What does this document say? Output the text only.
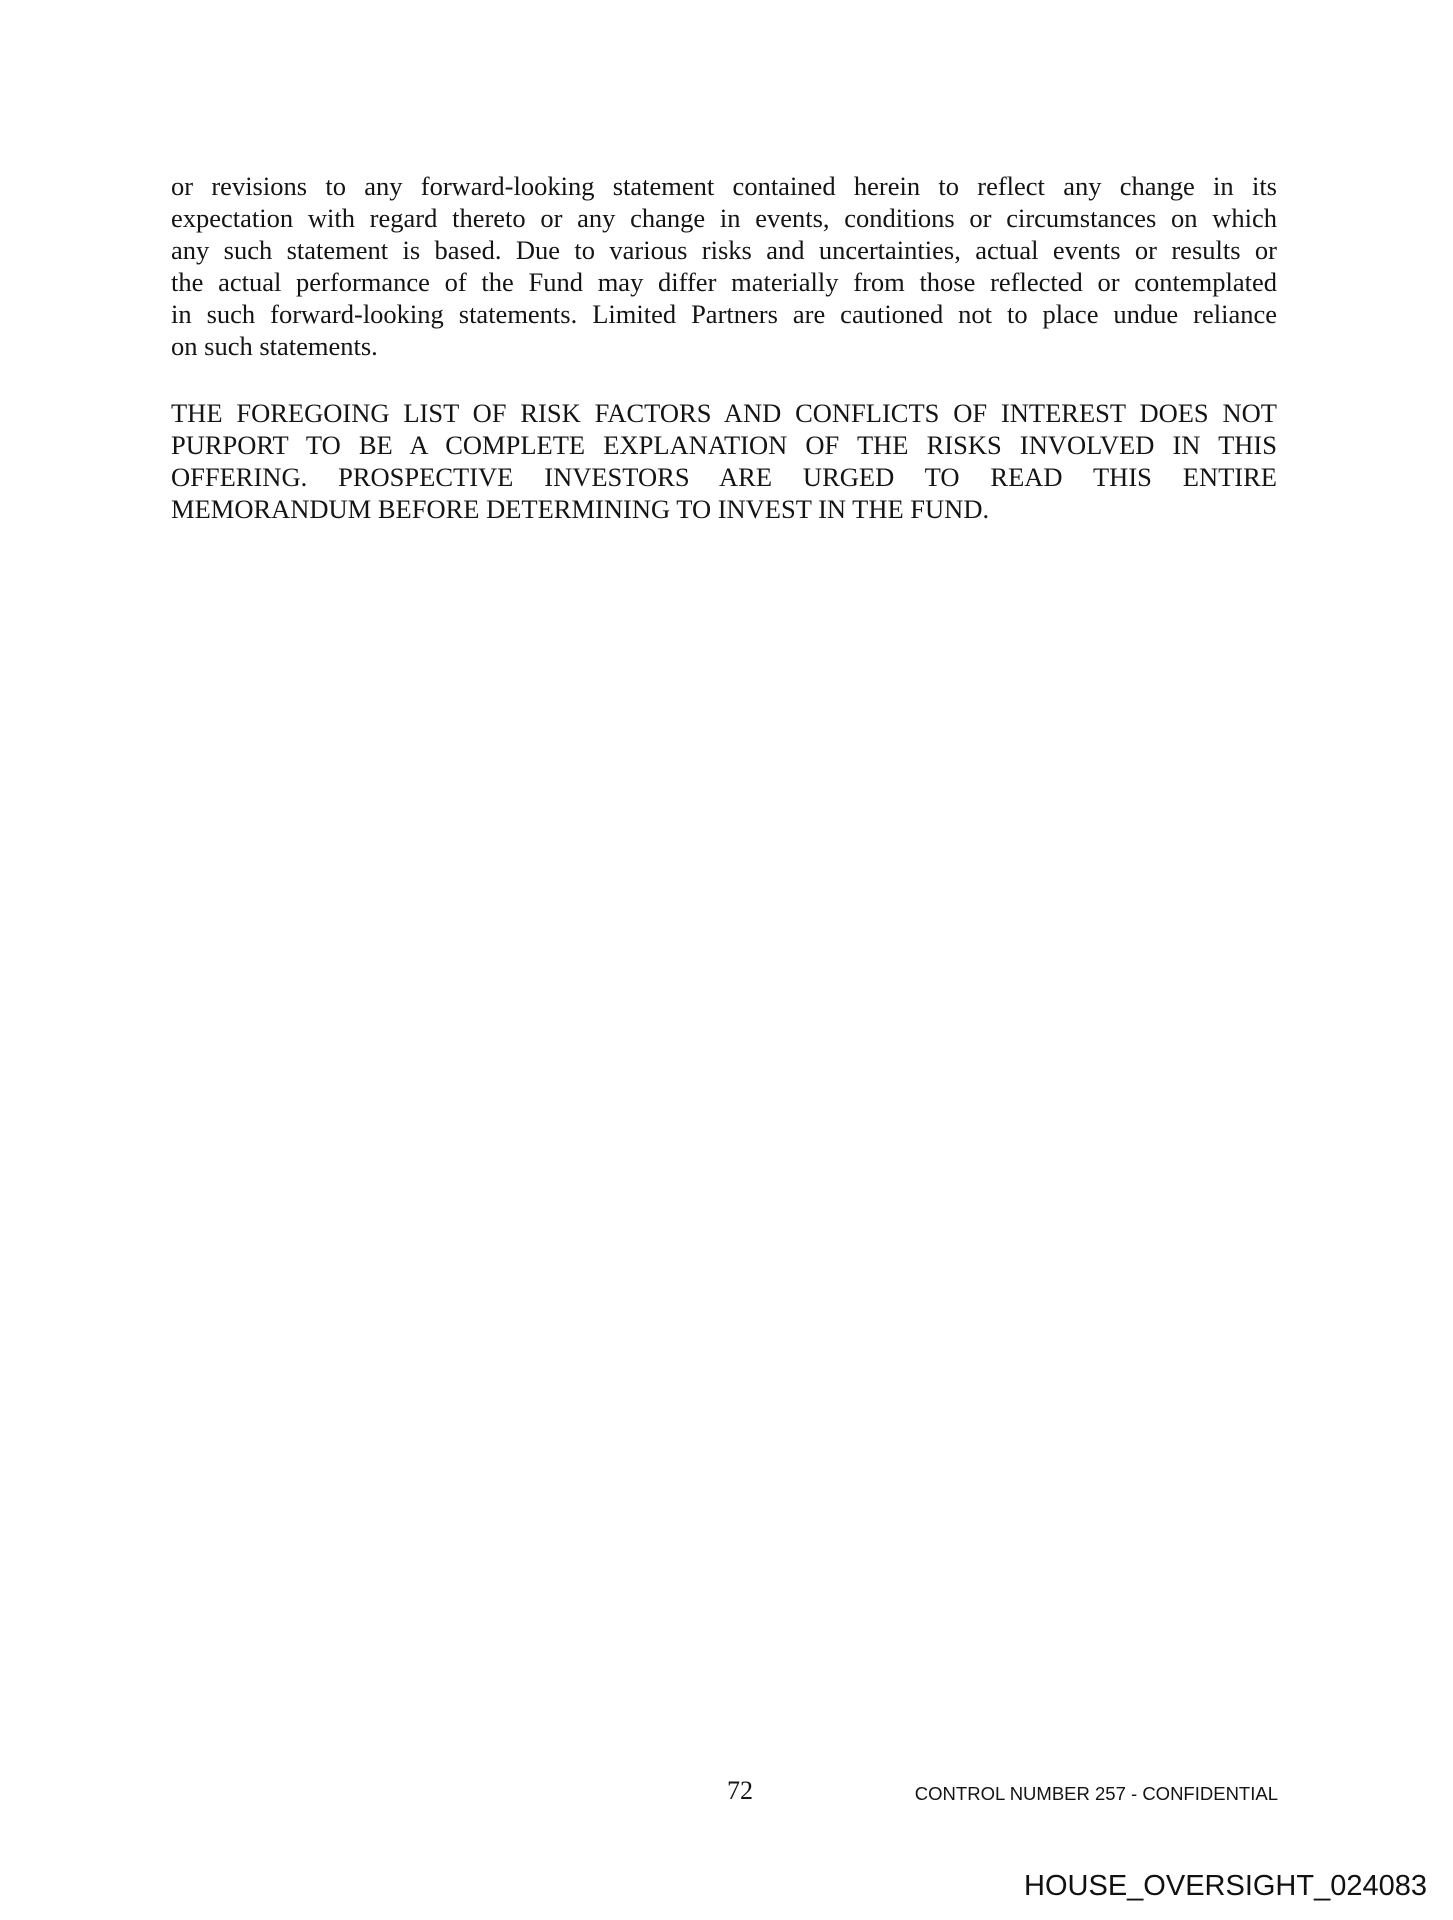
or revisions to any forward-looking statement contained herein to reflect any change in its
expectation with regard thereto or any change in events, conditions or circumstances on which
any such statement is based. Due to various risks and uncertainties, actual events or results or
the actual performance of the Fund may differ materially from those reflected or contemplated
in such forward-looking statements. Limited Partners are cautioned not to place undue reliance
on such statements.
THE FOREGOING LIST OF RISK FACTORS AND CONFLICTS OF INTEREST DOES NOT
PURPORT TO BE A COMPLETE EXPLANATION OF THE RISKS INVOLVED IN THIS
OFFERING. PROSPECTIVE INVESTORS ARE URGED TO READ THIS ENTIRE
MEMORANDUM BEFORE DETERMINING TO INVEST IN THE FUND.
72	CONTROL NUMBER 257 - CONFIDENTIAL
HOUSE_OVERSIGHT_024083
